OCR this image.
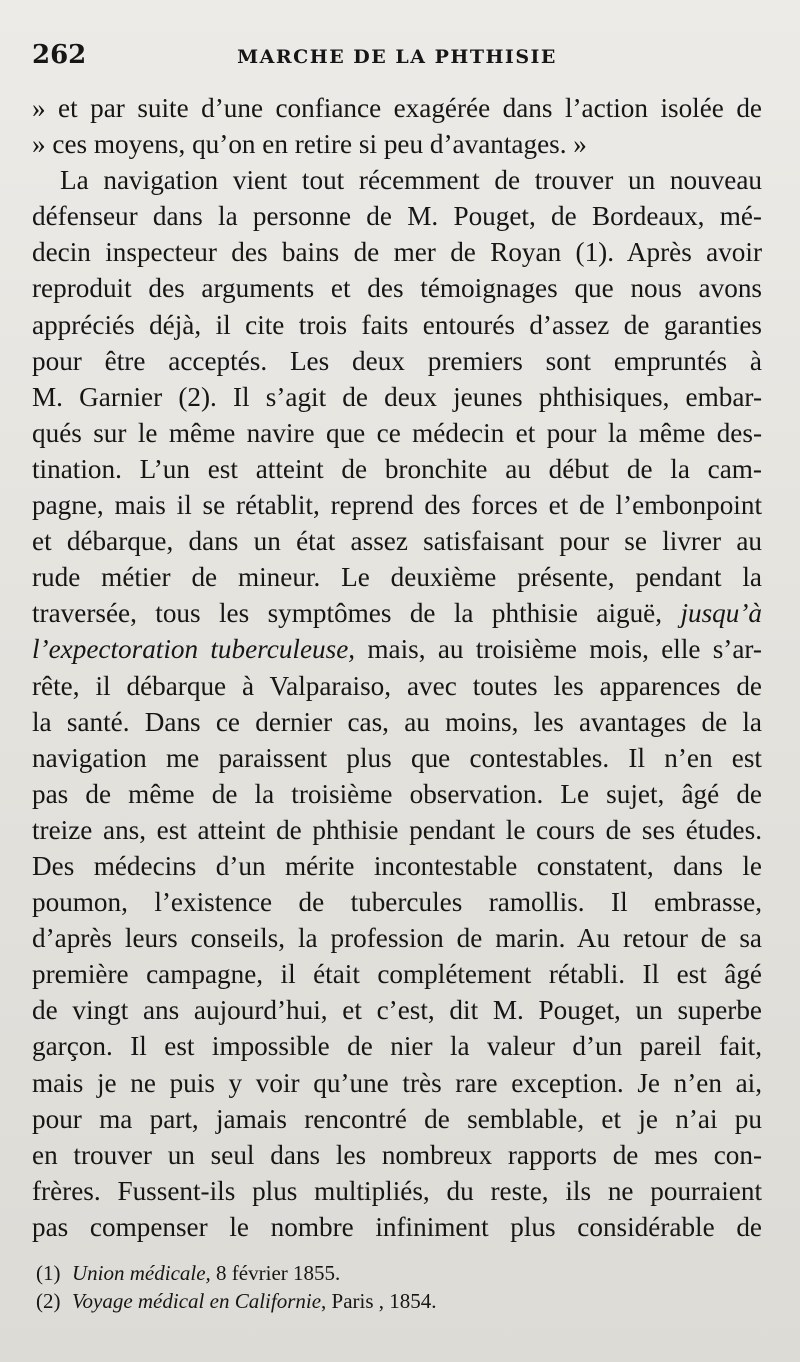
262	MARCHE DE LA PHTHISIE

» et par suite d’une confiance exagérée dans l’action isolée de
» ces moyens, qu’on en retire si peu d’avantages. »
La navigation vient tout récemment de trouver un nouveau
défenseur dans la personne de M. Pouget, de Bordeaux, mé-
decin inspecteur des bains de mer de Royan (1). Après avoir
reproduit des arguments et des témoignages que nous avons
appréciés déjà, il cite trois faits entourés d’assez de garanties
pour être acceptés. Les deux premiers sont empruntés à
M. Garnier (2). Il s’agit de deux jeunes phthisiques, embar-
qués sur le même navire que ce médecin et pour la même des-
tination. L’un est atteint de bronchite au début de la cam-
pagne, mais il se rétablit, reprend des forces et de l’embonpoint
et débarque, dans un état assez satisfaisant pour se livrer au
rude métier de mineur. Le deuxième présente, pendant la
traversée, tous les symptômes de la phthisie aiguë, jusqu’à
l’expectoration tuberculeuse, mais, au troisième mois, elle s’ar-
rête, il débarque à Valparaiso, avec toutes les apparences de
la santé. Dans ce dernier cas, au moins, les avantages de la
navigation me paraissent plus que contestables. Il n’en est
pas de même de la troisième observation. Le sujet, âgé de
treize ans, est atteint de phthisie pendant le cours de ses études.
Des médecins d’un mérite incontestable constatent, dans le
poumon, l’existence de tubercules ramollis. Il embrasse,
d’après leurs conseils, la profession de marin. Au retour de sa
première campagne, il était complétement rétabli. Il est âgé
de vingt ans aujourd’hui, et c’est, dit M. Pouget, un superbe
garçon. Il est impossible de nier la valeur d’un pareil fait,
mais je ne puis y voir qu’une très rare exception. Je n’en ai,
pour ma part, jamais rencontré de semblable, et je n’ai pu
en trouver un seul dans les nombreux rapports de mes con-
frères. Fussent-ils plus multipliés, du reste, ils ne pourraient
pas compenser le nombre infiniment plus considérable de

(1) Union médicale, 8 février 1855.
(2) Voyage médical en Californie, Paris , 1854.
